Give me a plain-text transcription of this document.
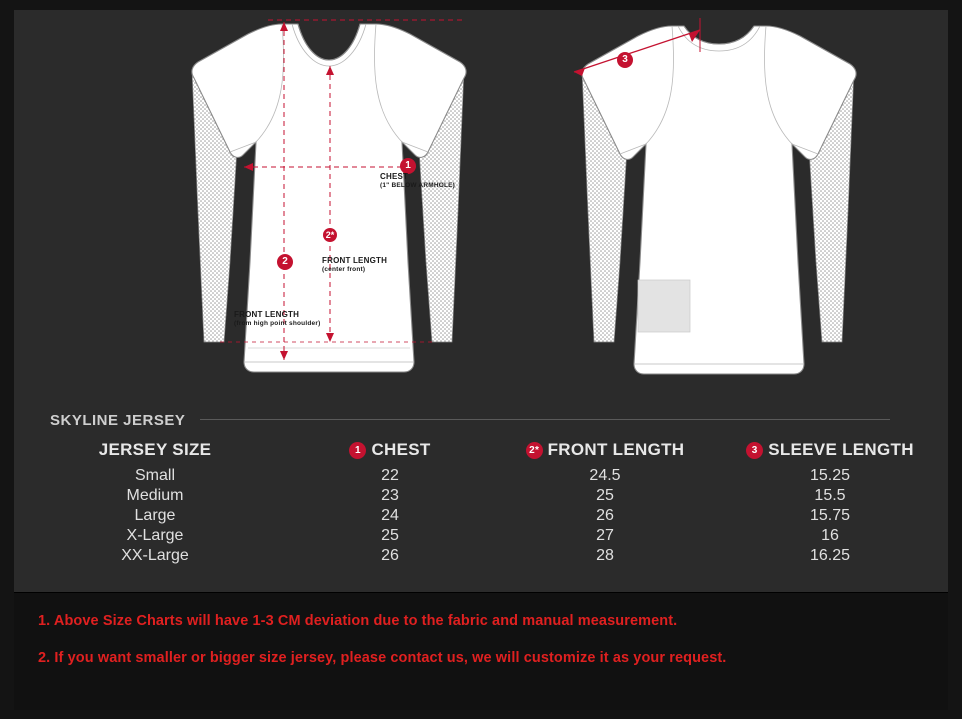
1
CHEST
(1" BELOW ARMHOLE)
2*
FRONT LENGTH
(center front)
2
FRONT LENGTH
(from high point shoulder)
3
SKYLINE JERSEY
JERSEY SIZE	1 CHEST	2* FRONT LENGTH	3 SLEEVE LENGTH
Small	22	24.5	15.25
Medium	23	25	15.5
Large	24	26	15.75
X-Large	25	27	16
XX-Large	26	28	16.25
1. Above Size Charts will have 1-3 CM deviation due to the fabric and manual measurement.
2. If you want smaller or bigger size jersey, please contact us, we will customize it as your request.
